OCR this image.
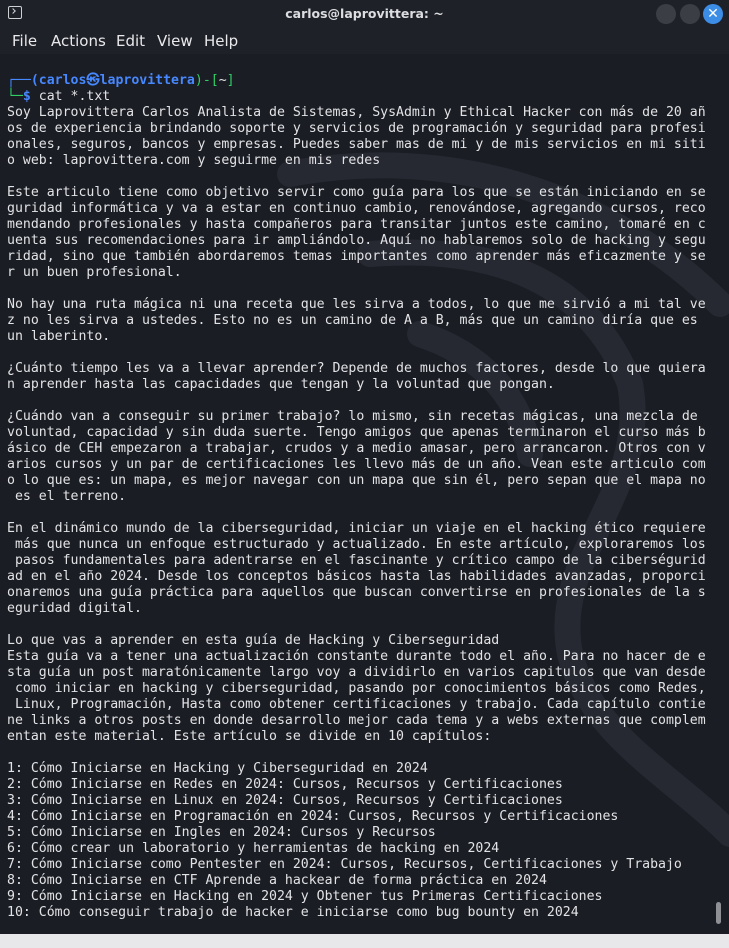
carlos@laprovittera: ~	✕
File Actions Edit View Help
┌──(carlos㉿laprovittera)-[~]
└─$ cat *.txt
Soy Laprovittera Carlos Analista de Sistemas, SysAdmin y Ethical Hacker con más de 20 añ
os de experiencia brindando soporte y servicios de programación y seguridad para profesi
onales, seguros, bancos y empresas. Puedes saber mas de mi y de mis servicios en mi siti
o web: laprovittera.com y seguirme en mis redes

Este articulo tiene como objetivo servir como guía para los que se están iniciando en se
guridad informática y va a estar en continuo cambio, renovándose, agregando cursos, reco
mendando profesionales y hasta compañeros para transitar juntos este camino, tomaré en c
uenta sus recomendaciones para ir ampliándolo. Aquí no hablaremos solo de hacking y segu
ridad, sino que también abordaremos temas importantes como aprender más eficazmente y se
r un buen profesional.

No hay una ruta mágica ni una receta que les sirva a todos, lo que me sirvió a mi tal ve
z no les sirva a ustedes. Esto no es un camino de A a B, más que un camino diría que es
un laberinto.

¿Cuánto tiempo les va a llevar aprender? Depende de muchos factores, desde lo que quiera
n aprender hasta las capacidades que tengan y la voluntad que pongan.

¿Cuándo van a conseguir su primer trabajo? lo mismo, sin recetas mágicas, una mezcla de
voluntad, capacidad y sin duda suerte. Tengo amigos que apenas terminaron el curso más b
ásico de CEH empezaron a trabajar, crudos y a medio amasar, pero arrancaron. Otros con v
arios cursos y un par de certificaciones les llevo más de un año. Vean este articulo com
o lo que es: un mapa, es mejor navegar con un mapa que sin él, pero sepan que el mapa no
es el terreno.

En el dinámico mundo de la ciberseguridad, iniciar un viaje en el hacking ético requiere
más que nunca un enfoque estructurado y actualizado. En este artículo, exploraremos los
pasos fundamentales para adentrarse en el fascinante y crítico campo de la ciberségurid
ad en el año 2024. Desde los conceptos básicos hasta las habilidades avanzadas, proporci
onaremos una guía práctica para aquellos que buscan convertirse en profesionales de la s
eguridad digital.

Lo que vas a aprender en esta guía de Hacking y Ciberseguridad
Esta guía va a tener una actualización constante durante todo el año. Para no hacer de e
sta guía un post maratónicamente largo voy a dividirlo en varios capitulos que van desde
como iniciar en hacking y ciberseguridad, pasando por conocimientos básicos como Redes,
Linux, Programación, Hasta como obtener certificaciones y trabajo. Cada capítulo contie
ne links a otros posts en donde desarrollo mejor cada tema y a webs externas que complem
entan este material. Este artículo se divide en 10 capítulos:

1: Cómo Iniciarse en Hacking y Ciberseguridad en 2024
2: Cómo Iniciarse en Redes en 2024: Cursos, Recursos y Certificaciones
3: Cómo Iniciarse en Linux en 2024: Cursos, Recursos y Certificaciones
4: Cómo Iniciarse en Programación en 2024: Cursos, Recursos y Certificaciones
5: Cómo Iniciarse en Ingles en 2024: Cursos y Recursos
6: Cómo crear un laboratorio y herramientas de hacking en 2024
7: Cómo Iniciarse como Pentester en 2024: Cursos, Recursos, Certificaciones y Trabajo
8: Cómo Iniciarse en CTF Aprende a hackear de forma práctica en 2024
9: Cómo Iniciarse en Hacking en 2024 y Obtener tus Primeras Certificaciones
10: Cómo conseguir trabajo de hacker e iniciarse como bug bounty en 2024
